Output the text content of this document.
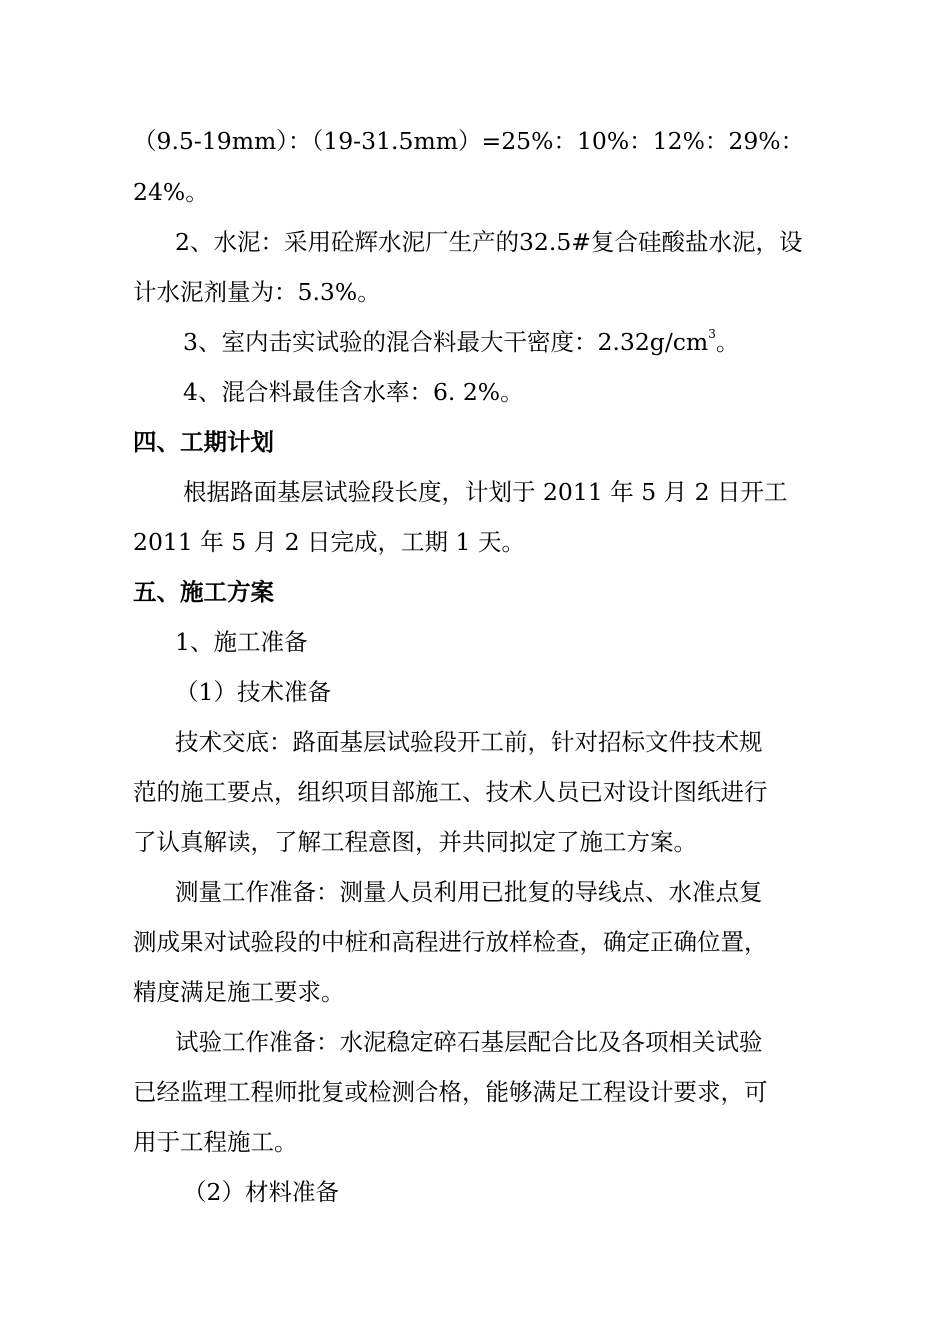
（9.5-19mm）：（19-31.5mm）=25%：10%：12%：29%：

24%。

2、水泥：采用砼辉水泥厂生产的32.5#复合硅酸盐水泥，设

计水泥剂量为：5.3%。

3、室内击实试验的混合料最大干密度：$2.32g/cm^3$。

4、混合料最佳含水率：6. 2%。

四、工期计划

根据路面基层试验段长度，计划于 2011 年 5 月 2 日开工

2011 年 5 月 2 日完成，工期 1 天。

五、施工方案

1、施工准备

（1）技术准备

技术交底：路面基层试验段开工前，针对招标文件技术规

范的施工要点，组织项目部施工、技术人员已对设计图纸进行

了认真解读，了解工程意图，并共同拟定了施工方案。

测量工作准备：测量人员利用已批复的导线点、水准点复

测成果对试验段的中桩和高程进行放样检查，确定正确位置，

精度满足施工要求。

试验工作准备：水泥稳定碎石基层配合比及各项相关试验

已经监理工程师批复或检测合格，能够满足工程设计要求，可

用于工程施工。

（2）材料准备
